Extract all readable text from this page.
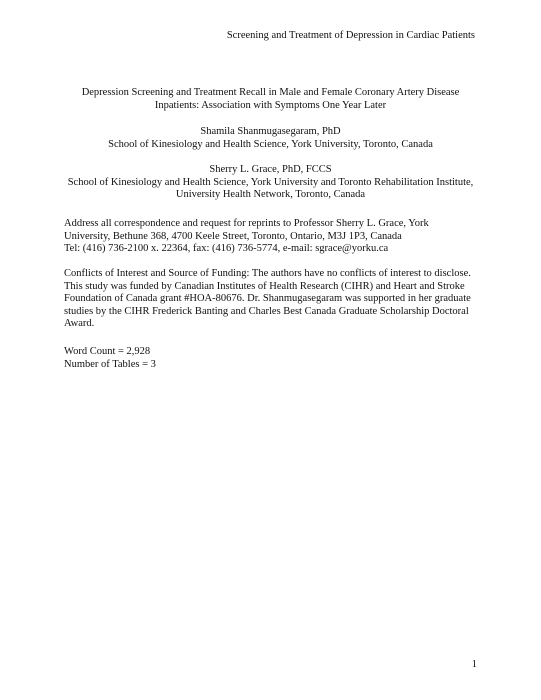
Screening and Treatment of Depression in Cardiac Patients
Depression Screening and Treatment Recall in Male and Female Coronary Artery Disease
Inpatients: Association with Symptoms One Year Later
Shamila Shanmugasegaram, PhD
School of Kinesiology and Health Science, York University, Toronto, Canada
Sherry L. Grace, PhD, FCCS
School of Kinesiology and Health Science, York University and Toronto Rehabilitation Institute,
University Health Network, Toronto, Canada
Address all correspondence and request for reprints to Professor Sherry L. Grace, York
University, Bethune 368, 4700 Keele Street, Toronto, Ontario, M3J 1P3, Canada
Tel: (416) 736-2100 x. 22364, fax: (416) 736-5774, e-mail: sgrace@yorku.ca
Conflicts of Interest and Source of Funding: The authors have no conflicts of interest to disclose.
This study was funded by Canadian Institutes of Health Research (CIHR) and Heart and Stroke
Foundation of Canada grant #HOA-80676. Dr. Shanmugasegaram was supported in her graduate
studies by the CIHR Frederick Banting and Charles Best Canada Graduate Scholarship Doctoral
Award.
Word Count = 2,928
Number of Tables = 3
1
